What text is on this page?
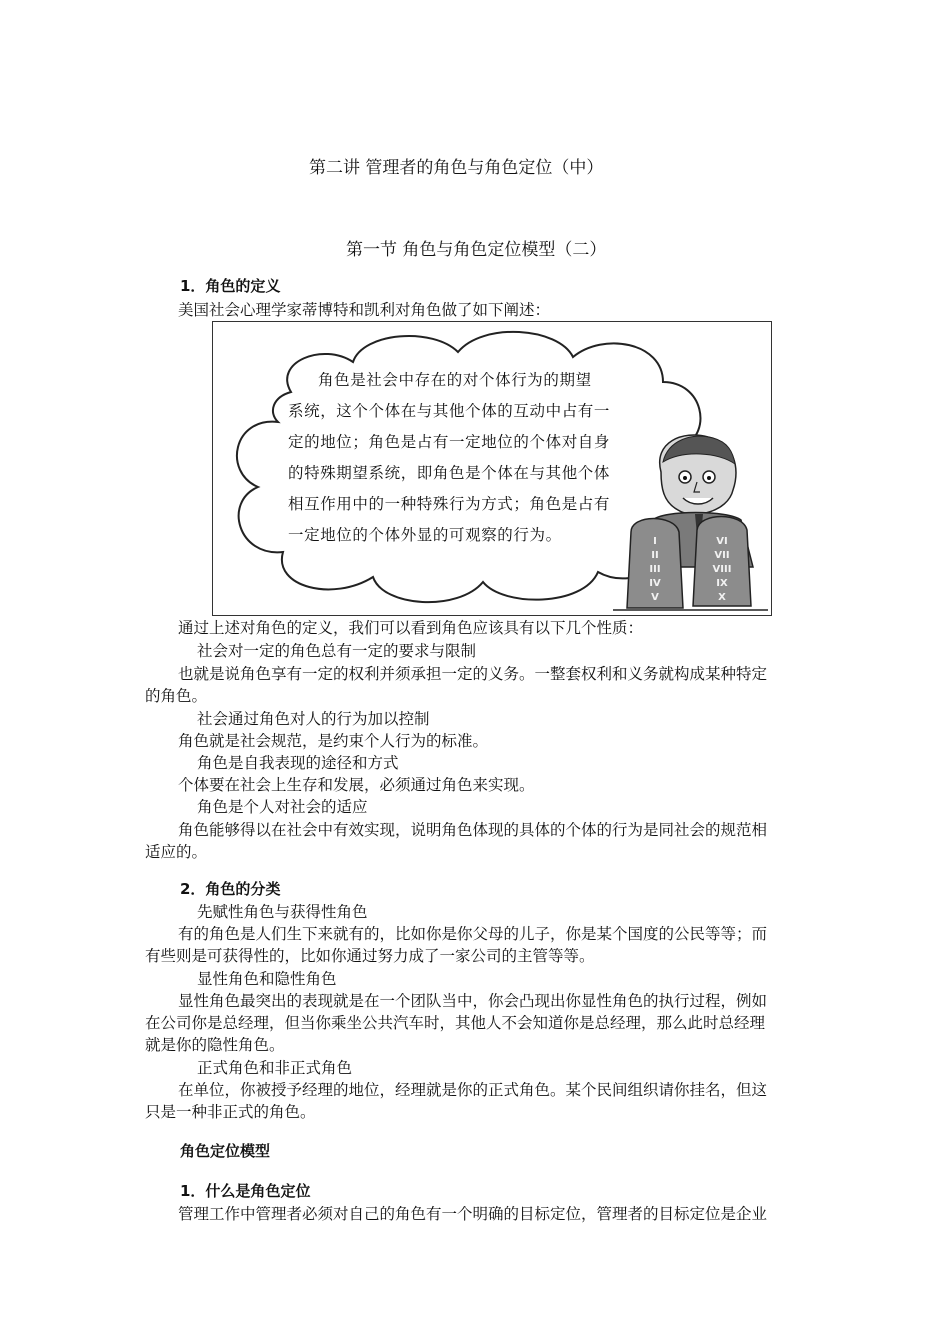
第二讲 管理者的角色与角色定位（中）
第一节 角色与角色定位模型（二）
1．角色的定义
美国社会心理学家蒂博特和凯利对角色做了如下阐述：
I
II
III
IV
V
VI
VII
VIII
IX
X
角色是社会中存在的对个体行为的期望
系统，这个个体在与其他个体的互动中占有一
定的地位；角色是占有一定地位的个体对自身
的特殊期望系统，即角色是个体在与其他个体
相互作用中的一种特殊行为方式；角色是占有
一定地位的个体外显的可观察的行为。
通过上述对角色的定义，我们可以看到角色应该具有以下几个性质：
社会对一定的角色总有一定的要求与限制
也就是说角色享有一定的权利并须承担一定的义务。一整套权利和义务就构成某种特定
的角色。
社会通过角色对人的行为加以控制
角色就是社会规范，是约束个人行为的标准。
角色是自我表现的途径和方式
个体要在社会上生存和发展，必须通过角色来实现。
角色是个人对社会的适应
角色能够得以在社会中有效实现，说明角色体现的具体的个体的行为是同社会的规范相
适应的。
2．角色的分类
先赋性角色与获得性角色
有的角色是人们生下来就有的，比如你是你父母的儿子，你是某个国度的公民等等；而
有些则是可获得性的，比如你通过努力成了一家公司的主管等等。
显性角色和隐性角色
显性角色最突出的表现就是在一个团队当中，你会凸现出你显性角色的执行过程，例如
在公司你是总经理，但当你乘坐公共汽车时，其他人不会知道你是总经理，那么此时总经理
就是你的隐性角色。
正式角色和非正式角色
在单位，你被授予经理的地位，经理就是你的正式角色。某个民间组织请你挂名，但这
只是一种非正式的角色。
角色定位模型
1．什么是角色定位
管理工作中管理者必须对自己的角色有一个明确的目标定位，管理者的目标定位是企业
